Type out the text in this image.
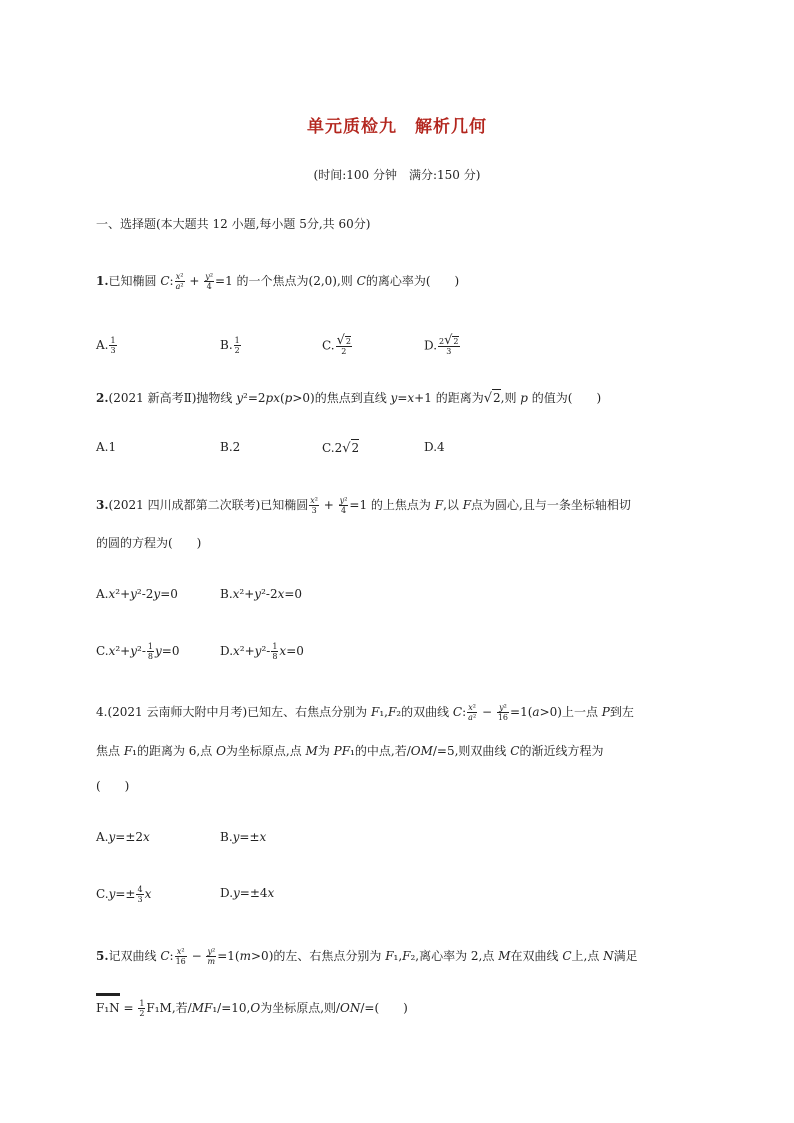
单元质检九　解析几何
(时间:100 分钟　满分:150 分)
一、选择题(本大题共 12 小题,每小题 5分,共 60分)
1.已知椭圆 C: $\frac{\text{x²}}{\text{a²}} + \frac{\text{y²}}{4} =1$ 的一个焦点为(2,0),则 C的离心率为(　　)
A. $\frac{1}{3}$	B. $\frac{1}{2}$	C. $\frac{√2}{2}$	D. $\frac{2√2}{3}$
2.(2021 新高考Ⅱ)抛物线 y²=2px(p>0)的焦点到直线 y=x+1 的距离为√2,则 p 的值为(　　)
A.1	B.2	C.2√2	D.4
3.(2021 四川成都第二次联考)已知椭圆 $\frac{\text{x²}}{3} + \frac{\text{y²}}{4} =1$ 的上焦点为 F,以 F点为圆心,且与一条坐标轴相切
的圆的方程为(　　)
A.x²+y²-2y=0	B.x²+y²-2x=0
$C.x^2+y^2- \frac{1}{8} y=0$	$D.x^2+y^2- \frac{1}{8} x=0$
4.(2021 云南师大附中月考)已知左、右焦点分别为 F₁,F₂的双曲线 C: $\frac{\text{x²}}{\text{a²}} - \frac{\text{y²}}{16} =1(a>0)$上一点 P到左
焦点 F₁的距离为 6,点 O为坐标原点,点 M为 PF₁的中点,若/OM/=5,则双曲线 C的渐近线方程为
(　　)
A.y=±2x	B.y=±x
$C.y=\pm \frac{4}{3}$ x	D.y=±4x
5.记双曲线 C: $\frac{\text{x²}}{16} - \frac{\text{y²}}{m} =1(m>0)$的左、右焦点分别为 F₁,F₂,离心率为 2,点 M在双曲线 C上,点 N满足
$F_1N = \frac{1}{2} F_1M$,若/MF₁/=10,O为坐标原点,则/ON/=(　　)
